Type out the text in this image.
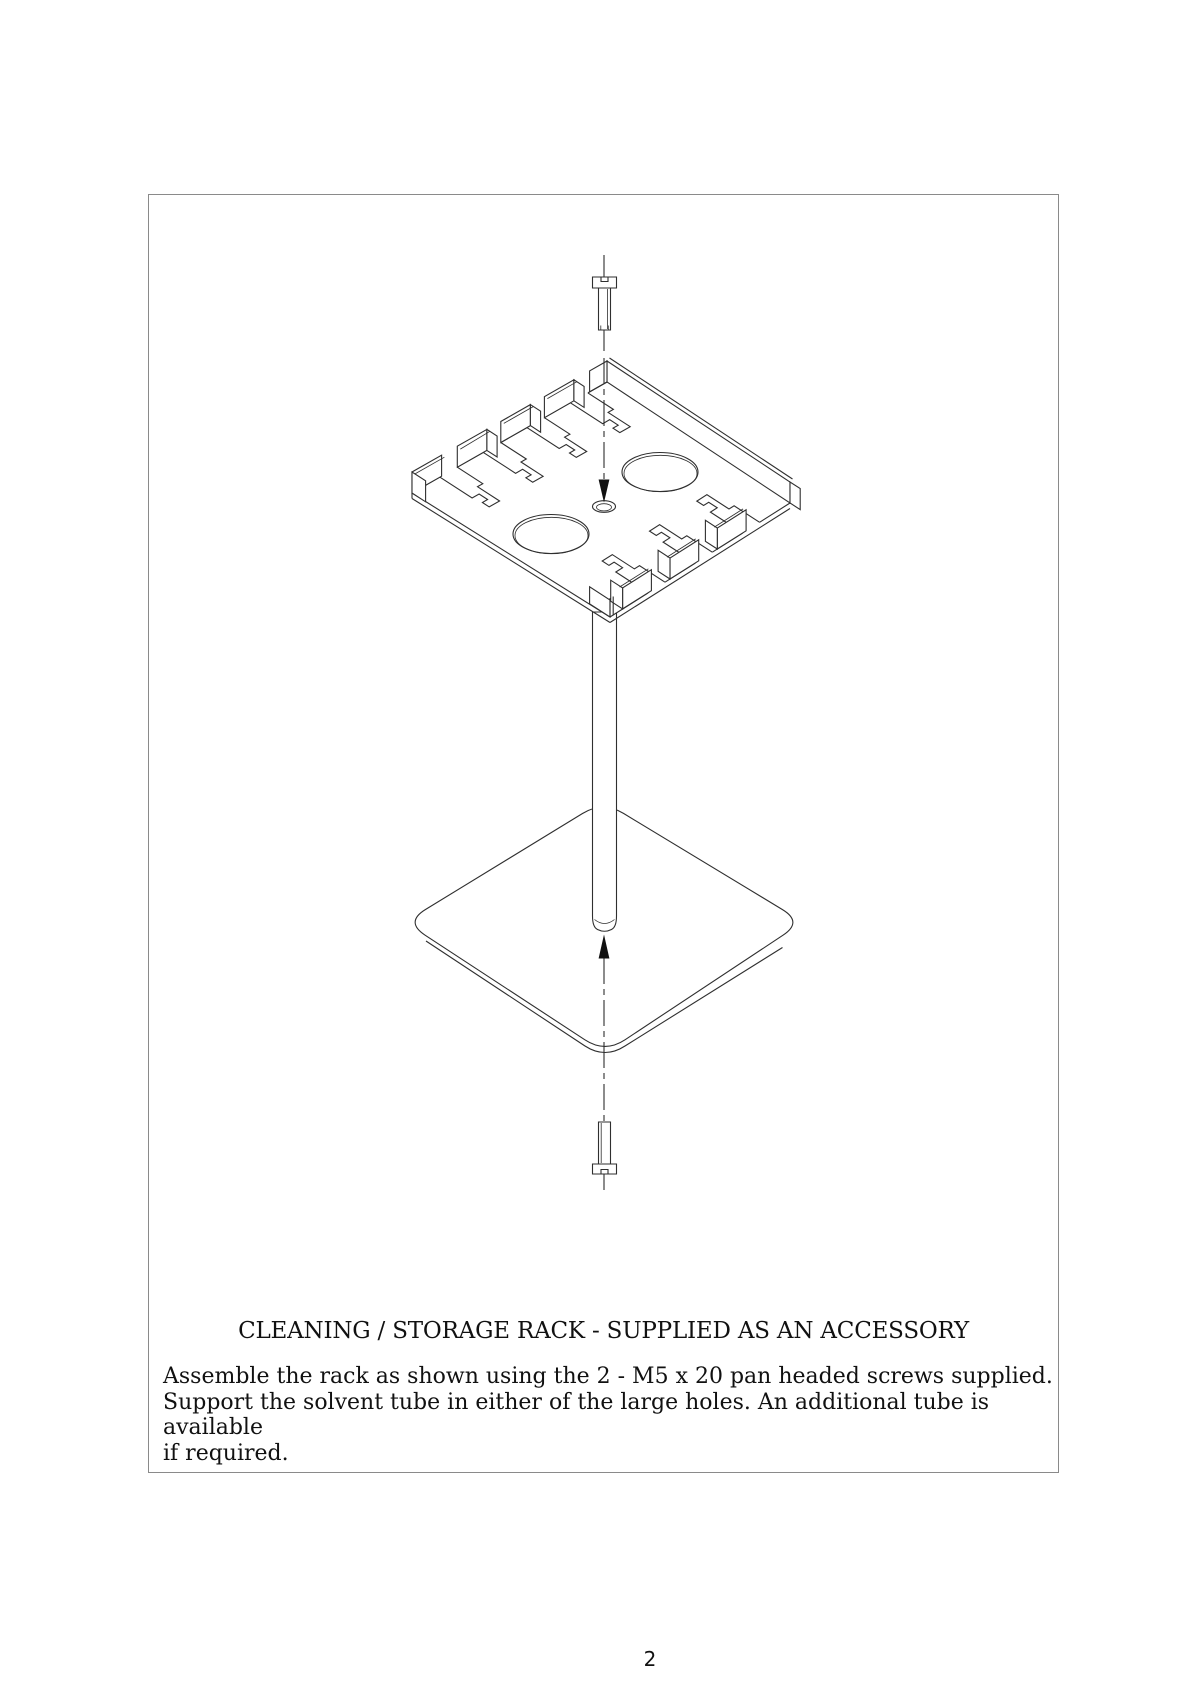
CLEANING / STORAGE RACK - SUPPLIED AS AN ACCESSORY
Assemble the rack as shown using the 2 - M5 x 20 pan headed screws supplied.
Support the solvent tube in either of the large holes. An additional tube is available
if required.
2
